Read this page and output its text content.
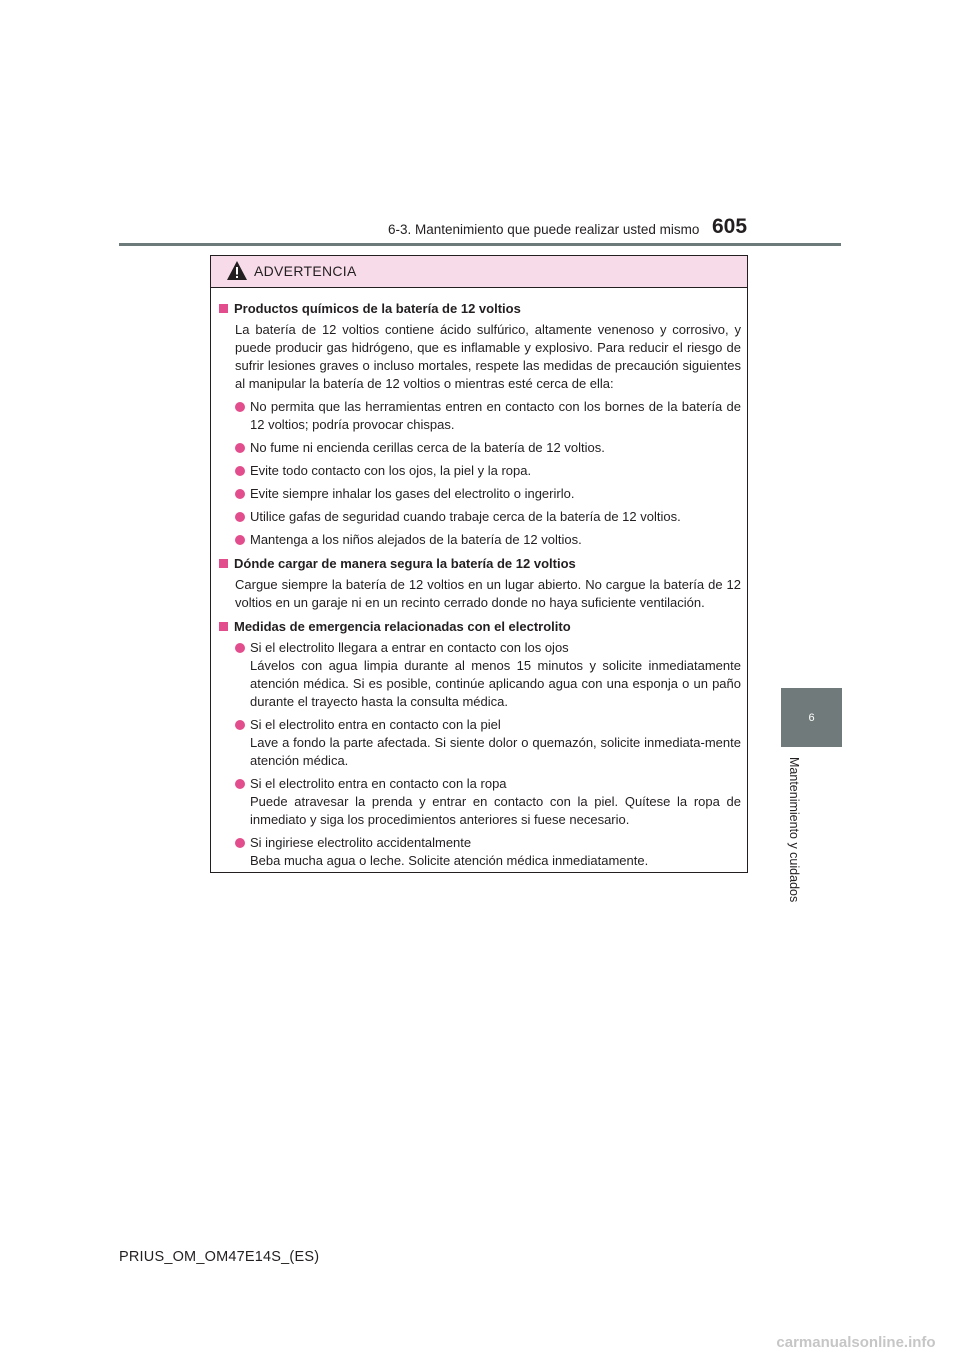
6-3. Mantenimiento que puede realizar usted mismo 605
6
Mantenimiento y cuidados
ADVERTENCIA
Productos químicos de la batería de 12 voltios
La batería de 12 voltios contiene ácido sulfúrico, altamente venenoso y corrosivo, y puede producir gas hidrógeno, que es inflamable y explosivo. Para reducir el riesgo de sufrir lesiones graves o incluso mortales, respete las medidas de precaución siguientes al manipular la batería de 12 voltios o mientras esté cerca de ella:
No permita que las herramientas entren en contacto con los bornes de la batería de 12 voltios; podría provocar chispas.
No fume ni encienda cerillas cerca de la batería de 12 voltios.
Evite todo contacto con los ojos, la piel y la ropa.
Evite siempre inhalar los gases del electrolito o ingerirlo.
Utilice gafas de seguridad cuando trabaje cerca de la batería de 12 voltios.
Mantenga a los niños alejados de la batería de 12 voltios.
Dónde cargar de manera segura la batería de 12 voltios
Cargue siempre la batería de 12 voltios en un lugar abierto. No cargue la batería de 12 voltios en un garaje ni en un recinto cerrado donde no haya suficiente ventilación.
Medidas de emergencia relacionadas con el electrolito
Si el electrolito llegara a entrar en contacto con los ojos
Lávelos con agua limpia durante al menos 15 minutos y solicite inmediatamente atención médica. Si es posible, continúe aplicando agua con una esponja o un paño durante el trayecto hasta la consulta médica.
Si el electrolito entra en contacto con la piel
Lave a fondo la parte afectada. Si siente dolor o quemazón, solicite inmediata-mente atención médica.
Si el electrolito entra en contacto con la ropa
Puede atravesar la prenda y entrar en contacto con la piel. Quítese la ropa de inmediato y siga los procedimientos anteriores si fuese necesario.
Si ingiriese electrolito accidentalmente
Beba mucha agua o leche. Solicite atención médica inmediatamente.
PRIUS_OM_OM47E14S_(ES)
carmanualsonline.info
